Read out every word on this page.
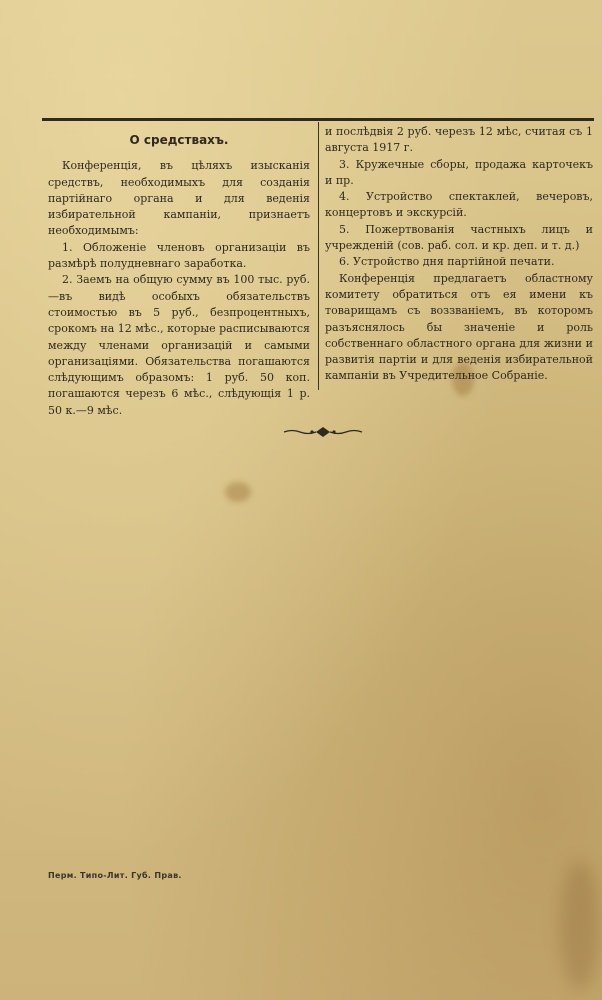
О средствахъ.

Конференція, въ цѣляхъ изысканія средствъ, необходимыхъ для созданія партійнаго органа и для веденія избирательной кампаніи, признаетъ необходимымъ:

1. Обложеніе членовъ организаціи въ размѣрѣ полудневнаго заработка.

2. Заемъ на общую сумму въ 100 тыс. руб.—въ видѣ особыхъ обязательствъ стоимостью въ 5 руб., безпроцентныхъ, срокомъ на 12 мѣс., которые расписываются между членами организацій и самыми организаціями. Обязательства погашаются слѣдующимъ образомъ: 1 руб. 50 коп. погашаются черезъ 6 мѣс., слѣдующія 1 р. 50 к.—9 мѣс.

и послѣдвія 2 руб. черезъ 12 мѣс, считая съ 1 августа 1917 г.

3. Кружечные сборы, продажа карточекъ и пр.

4. Устройство спектаклей, вечеровъ, концертовъ и экскурсій.

5. Пожертвованія частныхъ лицъ и учрежденій (сов. раб. сол. и кр. деп. и т. д.)

6. Устройство дня партійной печати.

Конференція предлагаетъ областному комитету обратиться отъ ея имени къ товарищамъ съ воззваніемъ, въ которомъ разъяснялось бы значеніе и роль собственнаго областного органа для жизни и развитія партіи и для веденія избирательной кампаніи въ Учредительное Собраніе.

Перм. Типо-Лит. Губ. Прав.
